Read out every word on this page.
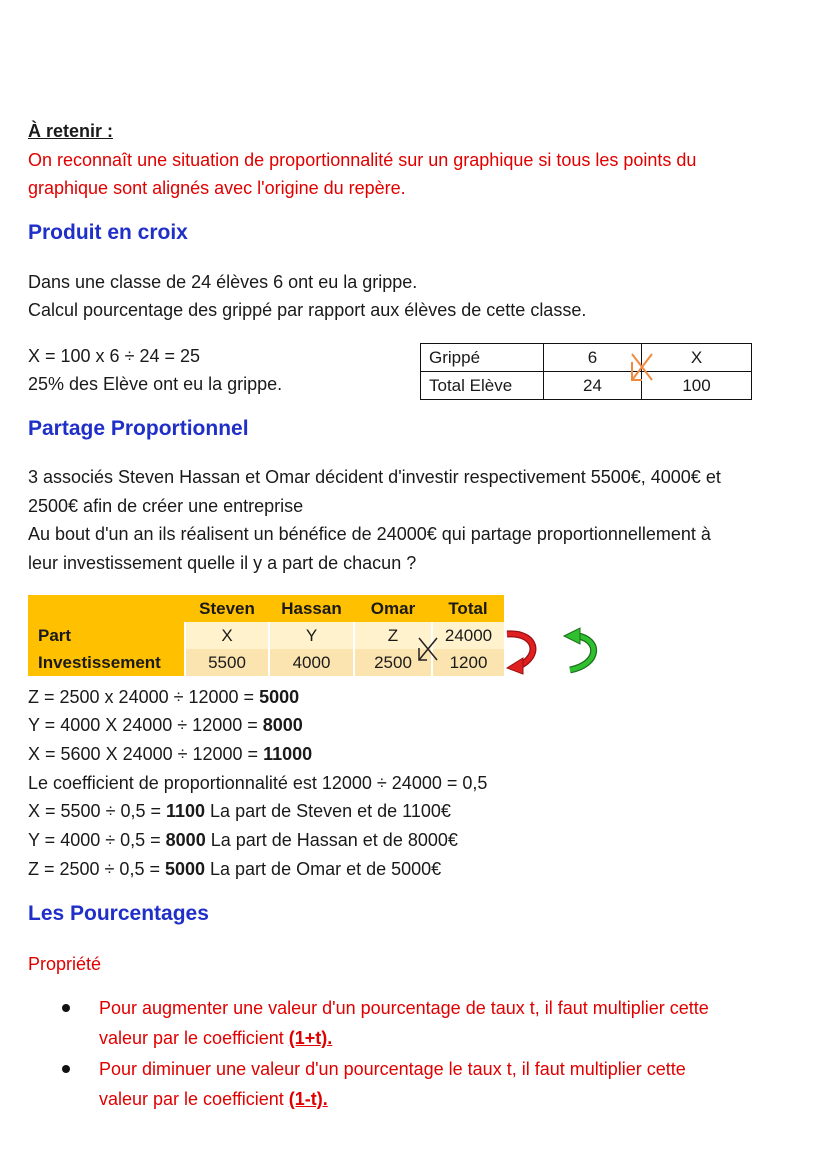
À retenir :
On reconnaît une situation de proportionnalité sur un graphique si tous les points du
graphique sont alignés avec l'origine du repère.
Produit en croix
Dans une classe de 24 élèves 6 ont eu la grippe.
Calcul pourcentage des grippé par rapport aux élèves de cette classe.
X = 100 x 6 ÷ 24 = 25
25% des Elève ont eu la grippe.
Grippé	6	X
Total Elève	24	100
Partage Proportionnel
3 associés Steven Hassan et Omar décident d'investir respectivement 5500€, 4000€ et
2500€ afin de créer une entreprise
Au bout d'un an ils réalisent un bénéfice de 24000€ qui partage proportionnellement à
leur investissement quelle il y a part de chacun ?
	Steven	Hassan	Omar	Total
Part	X	Y	Z	24000
Investissement	5500	4000	2500	1200
Z = 2500 x 24000 ÷ 12000 = 5000
Y = 4000 X 24000 ÷ 12000 = 8000
X = 5600 X 24000 ÷ 12000 = 11000
Le coefficient de proportionnalité est 12000 ÷ 24000 = 0,5
X = 5500 ÷ 0,5 = 1100 La part de Steven et de 1100€
Y = 4000 ÷ 0,5 = 8000 La part de Hassan et de 8000€
Z = 2500 ÷ 0,5 = 5000 La part de Omar et de 5000€
Les Pourcentages
Propriété
Pour augmenter une valeur d'un pourcentage de taux t, il faut multiplier cette
valeur par le coefficient (1+t).
Pour diminuer une valeur d'un pourcentage le taux t, il faut multiplier cette
valeur par le coefficient (1-t).
